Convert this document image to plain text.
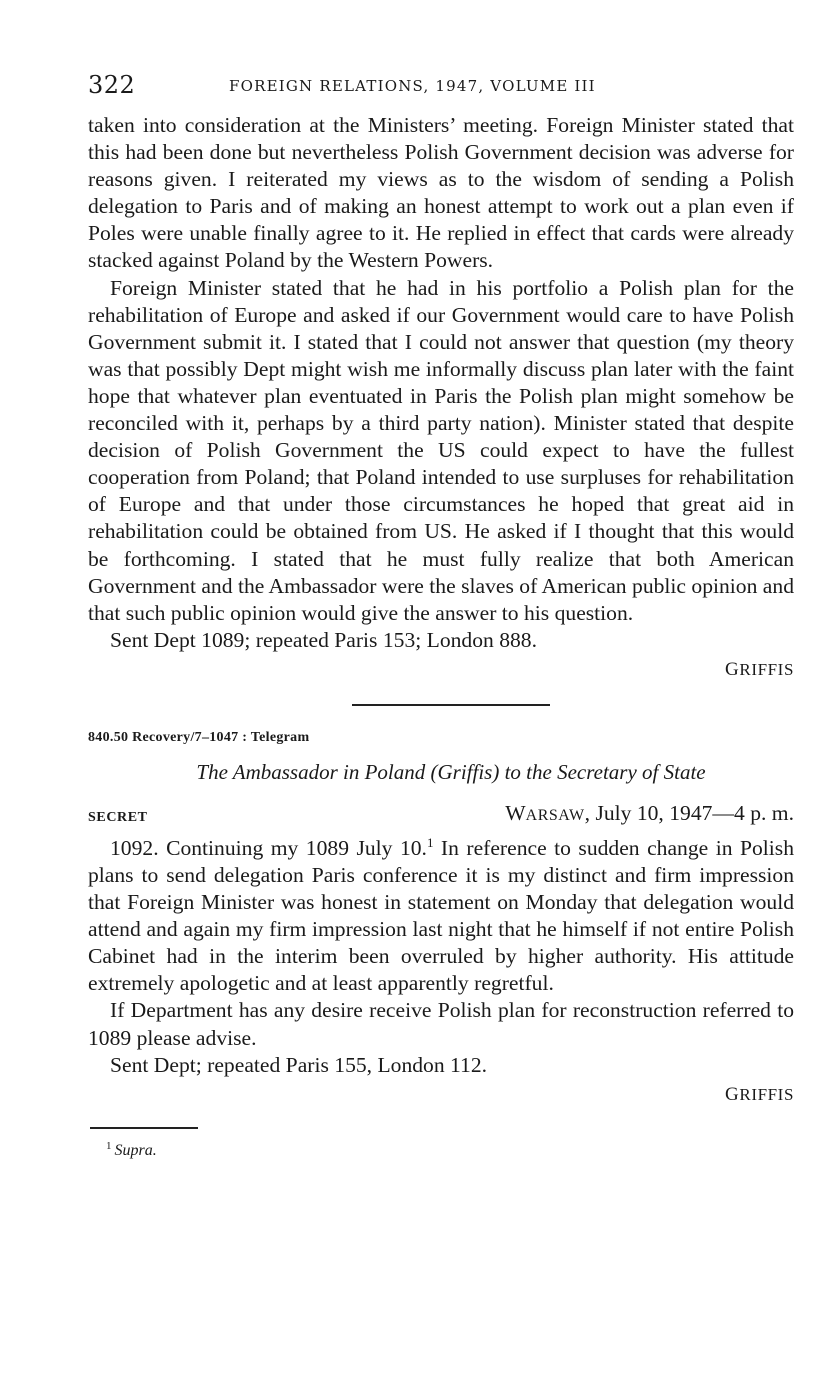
322	FOREIGN RELATIONS, 1947, VOLUME III

taken into consideration at the Ministers’ meeting. Foreign Minister stated that this had been done but nevertheless Polish Government decision was adverse for reasons given. I reiterated my views as to the wisdom of sending a Polish delegation to Paris and of making an honest attempt to work out a plan even if Poles were unable finally agree to it. He replied in effect that cards were already stacked against Poland by the Western Powers.

Foreign Minister stated that he had in his portfolio a Polish plan for the rehabilitation of Europe and asked if our Government would care to have Polish Government submit it. I stated that I could not answer that question (my theory was that possibly Dept might wish me informally discuss plan later with the faint hope that whatever plan eventuated in Paris the Polish plan might somehow be reconciled with it, perhaps by a third party nation). Minister stated that despite decision of Polish Government the US could expect to have the fullest cooperation from Poland; that Poland intended to use surpluses for rehabilitation of Europe and that under those circumstances he hoped that great aid in rehabilitation could be obtained from US. He asked if I thought that this would be forthcoming. I stated that he must fully realize that both American Government and the Ambassador were the slaves of American public opinion and that such public opinion would give the answer to his question.

Sent Dept 1089; repeated Paris 153; London 888.

GRIFFIS
840.50 Recovery/7–1047 : Telegram
The Ambassador in Poland (Griffis) to the Secretary of State
SECRET	WARSAW, July 10, 1947—4 p. m.

1092. Continuing my 1089 July 10.$^1$ In reference to sudden change in Polish plans to send delegation Paris conference it is my distinct and firm impression that Foreign Minister was honest in statement on Monday that delegation would attend and again my firm impression last night that he himself if not entire Polish Cabinet had in the interim been overruled by higher authority. His attitude extremely apologetic and at least apparently regretful.

If Department has any desire receive Polish plan for reconstruction referred to 1089 please advise.

Sent Dept; repeated Paris 155, London 112.

GRIFFIS
$^1$ Supra.
